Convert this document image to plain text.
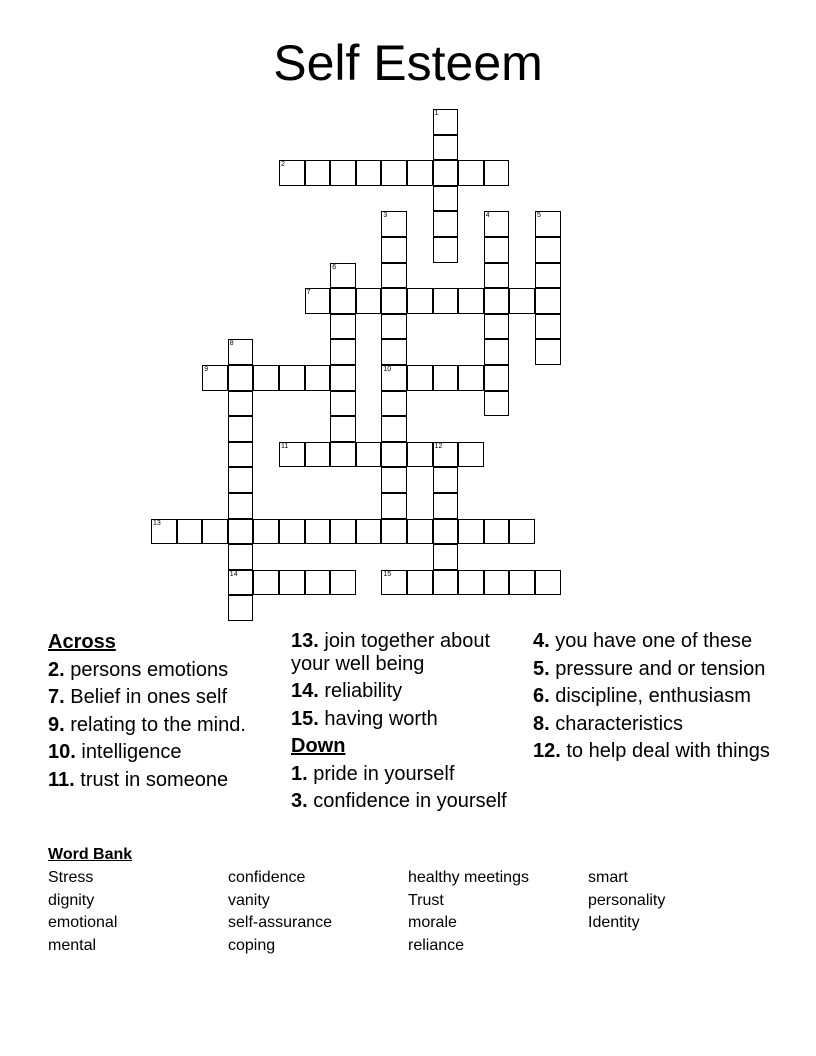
Self Esteem
1
2
3
10
4	5
6
7
8
14
9
11	12
13
15
Across
2. persons emotions
7. Belief in ones self
9. relating to the mind.
10. intelligence
11. trust in someone
13. join together about your well being
14. reliability
15. having worth
Down
1. pride in yourself
3. confidence in yourself
4. you have one of these
5. pressure and or tension
6. discipline, enthusiasm
8. characteristics
12. to help deal with things
Word Bank
Stress
dignity
emotional
mental
confidence
vanity
self-assurance
coping
healthy meetings
Trust
morale
reliance
smart
personality
Identity
